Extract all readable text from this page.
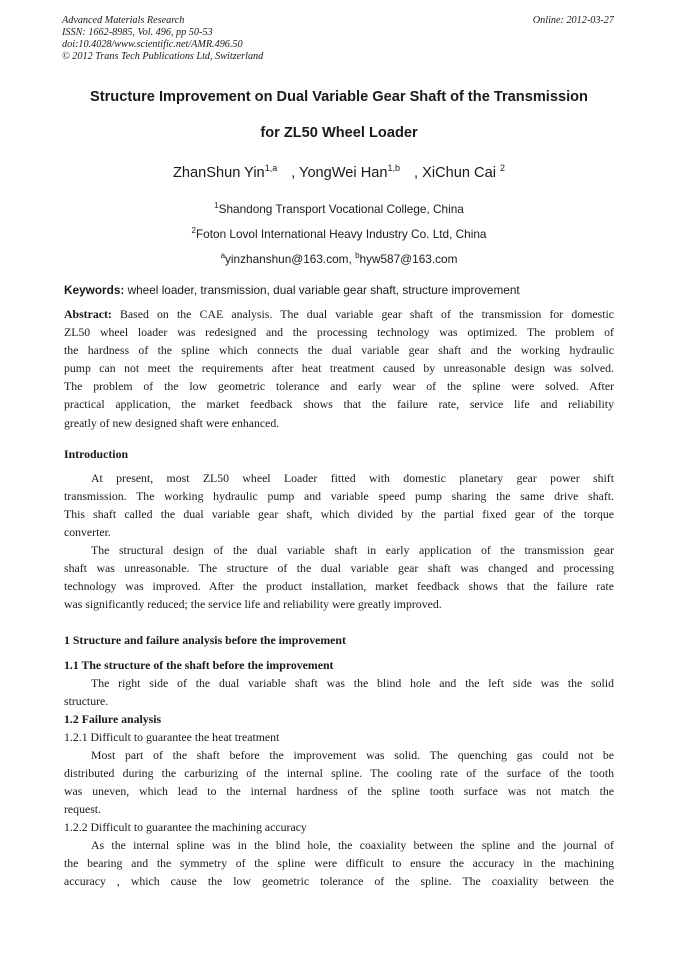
Advanced Materials Research
ISSN: 1662-8985, Vol. 496, pp 50-53
doi:10.4028/www.scientific.net/AMR.496.50
© 2012 Trans Tech Publications Ltd, Switzerland
Online: 2012-03-27
Structure Improvement on Dual Variable Gear Shaft of the Transmission
for ZL50 Wheel Loader
ZhanShun Yin$^{1,a}$ , YongWei Han$^{1,b}$ , XiChun Cai $^2$
$^1$Shandong Transport Vocational College, China
$^2$Foton Lovol International Heavy Industry Co. Ltd, China
$^a$yinzhanshun@163.com, $^b$hyw587@163.com
Keywords: wheel loader, transmission, dual variable gear shaft, structure improvement
Abstract: Based on the CAE analysis. The dual variable gear shaft of the transmission for domestic
ZL50 wheel loader was redesigned and the processing technology was optimized. The problem of
the hardness of the spline which connects the dual variable gear shaft and the working hydraulic
pump can not meet the requirements after heat treatment caused by unreasonable design was solved.
The problem of the low geometric tolerance and early wear of the spline were solved. After
practical application, the market feedback shows that the failure rate, service life and reliability
greatly of new designed shaft were enhanced.
Introduction
At present, most ZL50 wheel Loader fitted with domestic planetary gear power shift
transmission. The working hydraulic pump and variable speed pump sharing the same drive shaft.
This shaft called the dual variable gear shaft, which divided by the partial fixed gear of the torque
converter.
The structural design of the dual variable shaft in early application of the transmission gear
shaft was unreasonable. The structure of the dual variable gear shaft was changed and processing
technology was improved. After the product installation, market feedback shows that the failure rate
was significantly reduced; the service life and reliability were greatly improved.
1 Structure and failure analysis before the improvement
1.1 The structure of the shaft before the improvement
The right side of the dual variable shaft was the blind hole and the left side was the solid
structure.
1.2 Failure analysis
1.2.1 Difficult to guarantee the heat treatment
Most part of the shaft before the improvement was solid. The quenching gas could not be
distributed during the carburizing of the internal spline. The cooling rate of the surface of the tooth
was uneven, which lead to the internal hardness of the spline tooth surface was not match the
request.
1.2.2 Difficult to guarantee the machining accuracy
As the internal spline was in the blind hole, the coaxiality between the spline and the journal of
the bearing and the symmetry of the spline were difficult to ensure the accuracy in the machining
accuracy , which cause the low geometric tolerance of the spline. The coaxiality between the
